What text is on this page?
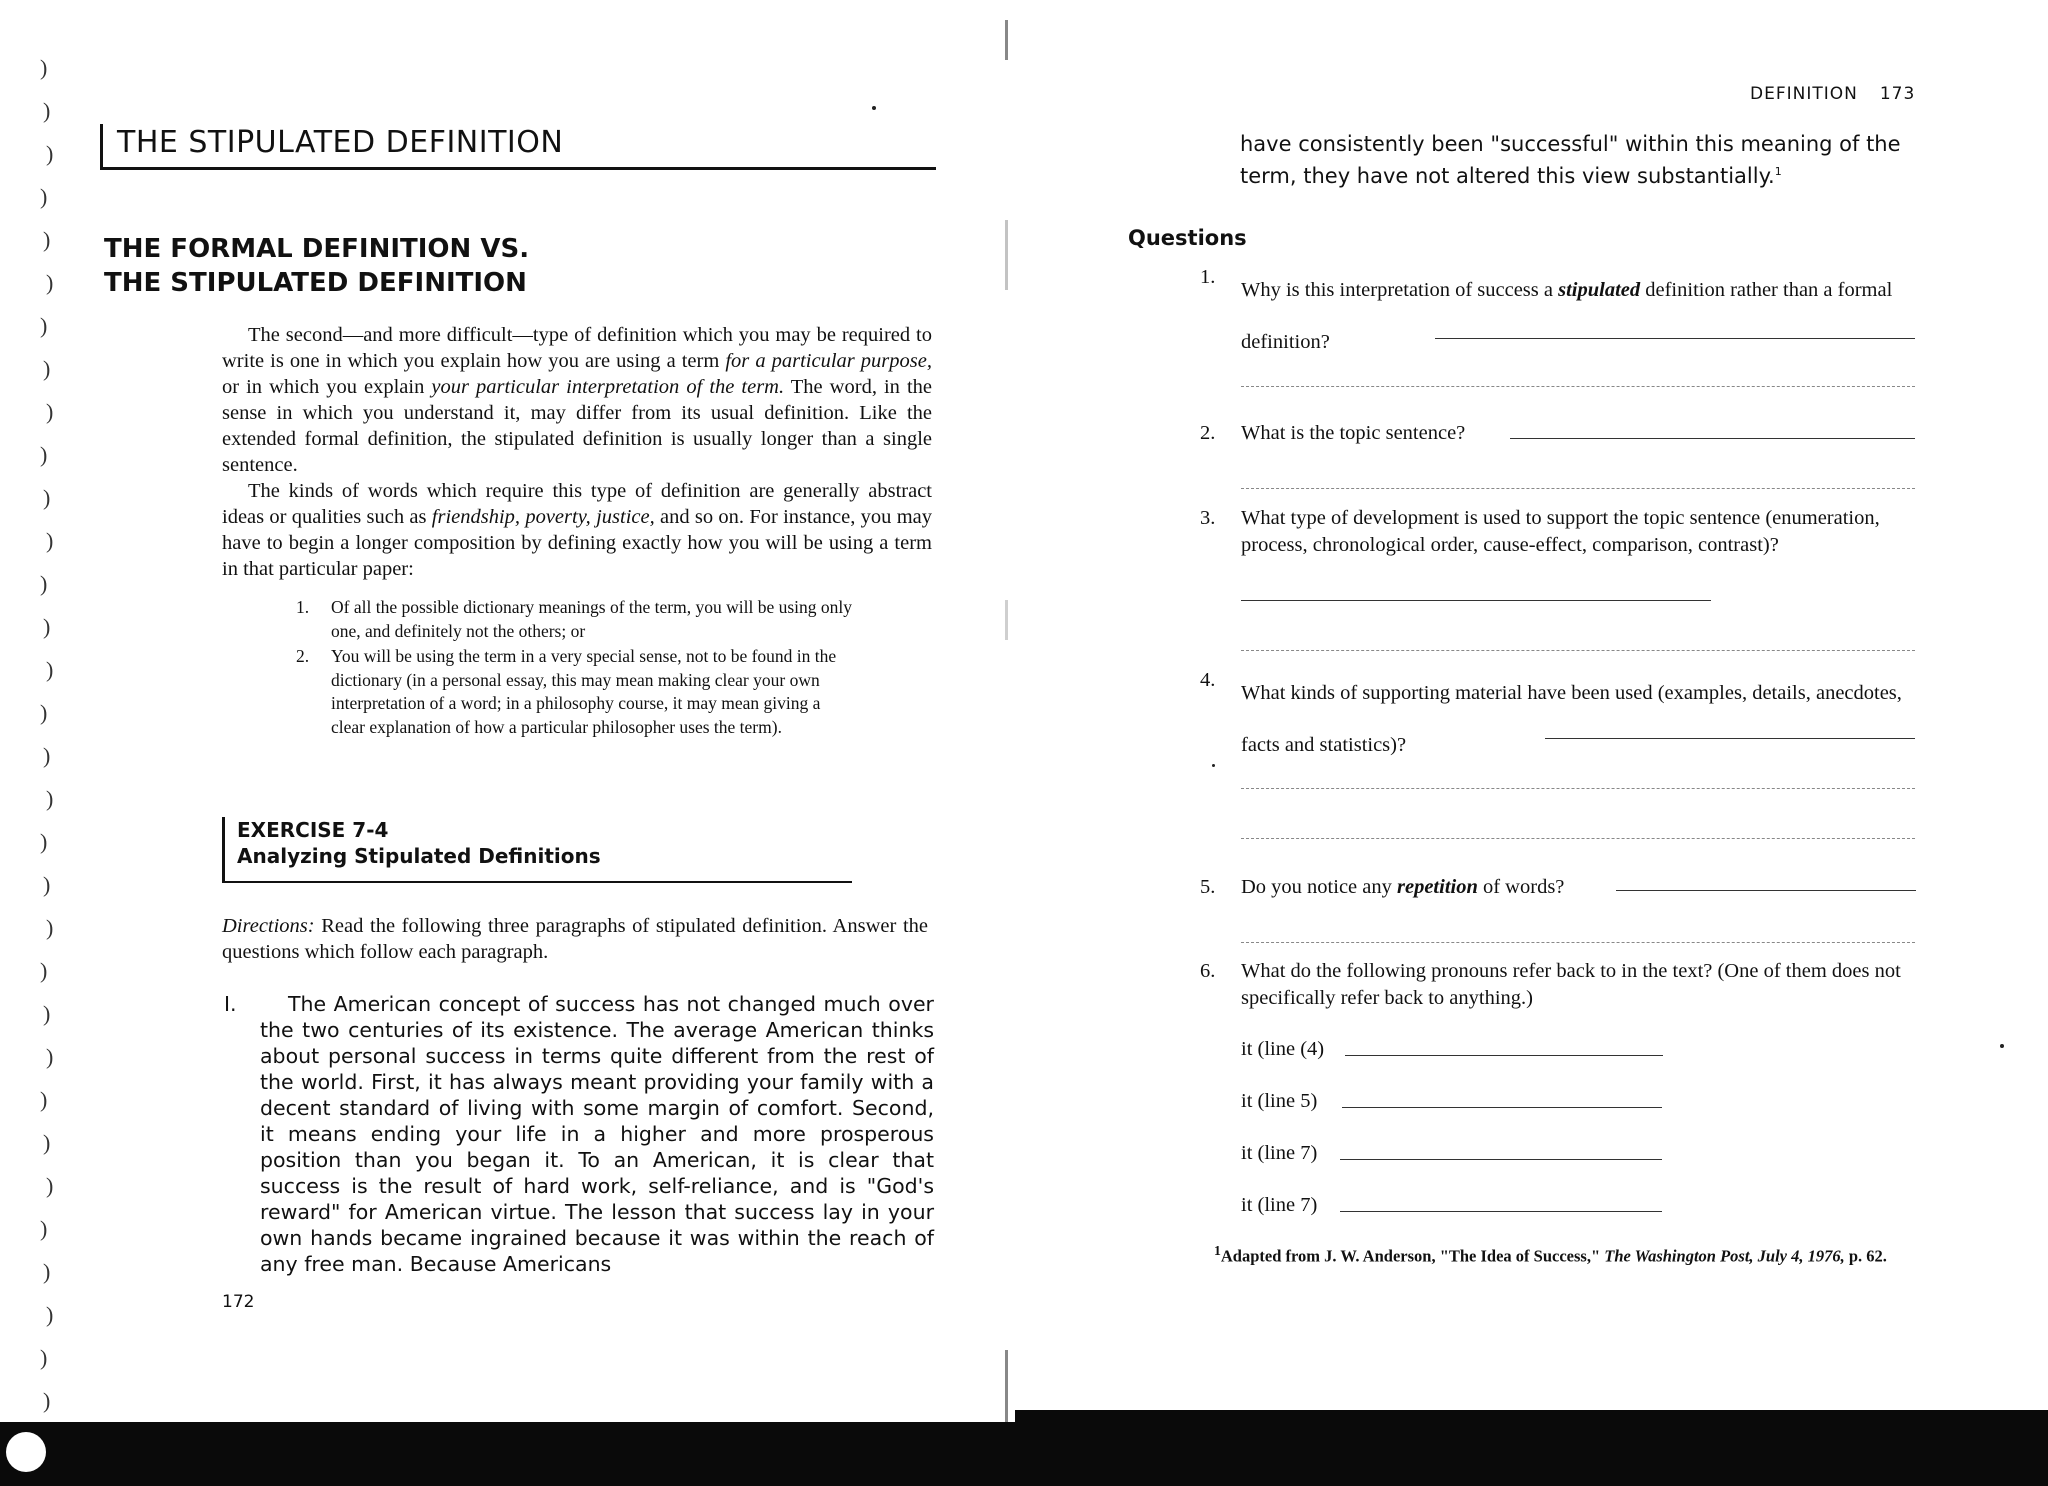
)
)
)
)
)
)
)
)
)
)
)
)
)
)
)
)
)
)
)
)
)
)
)
)
)
)
)
)
)
)
)
)
THE STIPULATED DEFINITION
THE FORMAL DEFINITION VS.
THE STIPULATED DEFINITION

The second—and more difficult—type of definition which you may be required to write is one in which you explain how you are using a term for a particular purpose, or in which you explain your particular interpretation of the term. The word, in the sense in which you understand it, may differ from its usual definition. Like the extended formal definition, the stipulated definition is usually longer than a single sentence.

The kinds of words which require this type of definition are generally abstract ideas or qualities such as friendship, poverty, justice, and so on. For instance, you may have to begin a longer composition by defining exactly how you will be using a term in that particular paper:

1. Of all the possible dictionary meanings of the term, you will be using only one, and definitely not the others; or
2. You will be using the term in a very special sense, not to be found in the dictionary (in a personal essay, this may mean making clear your own interpretation of a word; in a philosophy course, it may mean giving a clear explanation of how a particular philosopher uses the term).
EXERCISE 7-4
Analyzing Stipulated Definitions
Directions: Read the following three paragraphs of stipulated definition. Answer the questions which follow each paragraph.
I.	The American concept of success has not changed much over the two centuries of its existence. The average American thinks about personal success in terms quite different from the rest of the world. First, it has always meant providing your family with a decent standard of living with some margin of comfort. Second, it means ending your life in a higher and more prosperous position than you began it. To an American, it is clear that success is the result of hard work, self-reliance, and is "God's reward" for American virtue. The lesson that success lay in your own hands became ingrained because it was within the reach of any free man. Because Americans
172
DEFINITION 173
have consistently been "successful" within this meaning of the term, they have not altered this view substantially.$^1$
Questions
1.
Why is this interpretation of success a stipulated definition rather than a formal definition?
2. What is the topic sentence?
3. What type of development is used to support the topic sentence (enumeration, process, chronological order, cause-effect, comparison, contrast)?
4.
What kinds of supporting material have been used (examples, details, anecdotes, facts and statistics)?
5. Do you notice any repetition of words?
6. What do the following pronouns refer back to in the text? (One of them does not specifically refer back to anything.)
it (line (4)
it (line 5)
it (line 7)
it (line 7)
$^1$Adapted from J. W. Anderson, "The Idea of Success," The Washington Post, July 4, 1976, p. 62.
